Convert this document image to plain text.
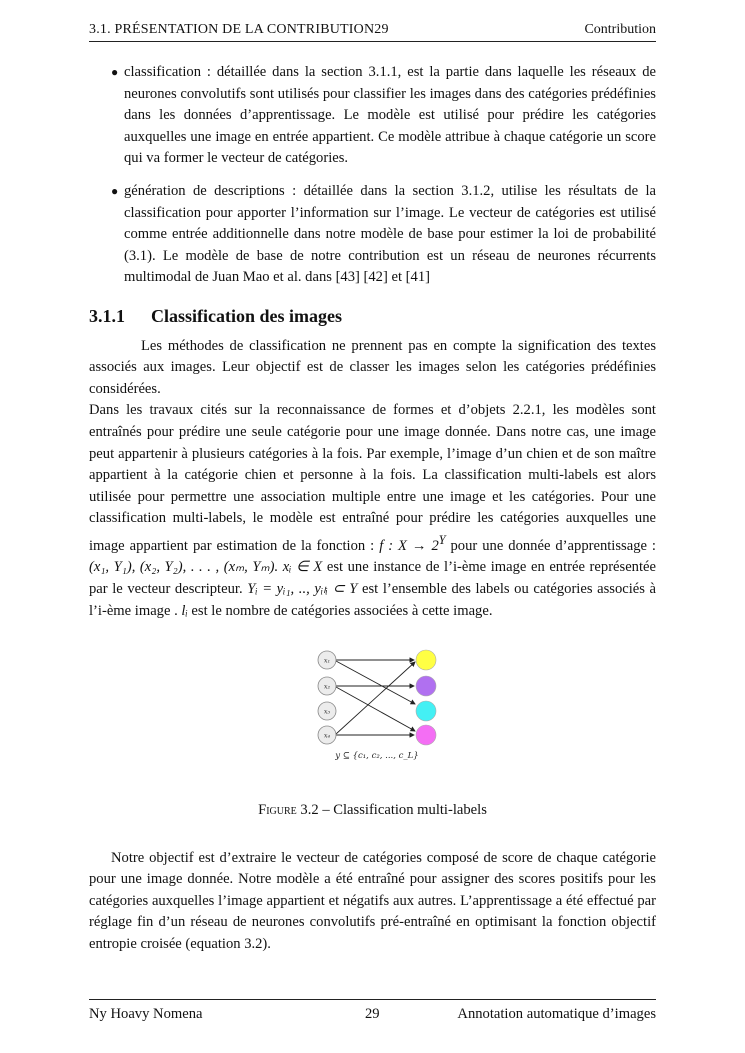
3.1. PRÉSENTATION DE LA CONTRIBUTION29	Contribution
● classification : détaillée dans la section 3.1.1, est la partie dans laquelle les réseaux de neurones convolutifs sont utilisés pour classifier les images dans des catégories prédéfinies dans les données d’apprentissage. Le modèle est utilisé pour prédire les catégories auxquelles une image en entrée appartient. Ce modèle attribue à chaque catégorie un score qui va former le vecteur de catégories.
● génération de descriptions : détaillée dans la section 3.1.2, utilise les résultats de la classification pour apporter l’information sur l’image. Le vecteur de catégories est utilisé comme entrée additionnelle dans notre modèle de base pour estimer la loi de probabilité (3.1). Le modèle de base de notre contribution est un réseau de neurones récurrents multimodal de Juan Mao et al. dans [43] [42] et [41]
3.1.1 Classification des images

Les méthodes de classification ne prennent pas en compte la signification des textes associés aux images. Leur objectif est de classer les images selon les catégories prédéfinies considérées.

Dans les travaux cités sur la reconnaissance de formes et d’objets 2.2.1, les modèles sont entraînés pour prédire une seule catégorie pour une image donnée. Dans notre cas, une image peut appartenir à plusieurs catégories à la fois. Par exemple, l’image d’un chien et de son maître appartient à la catégorie chien et personne à la fois. La classification multi-labels est alors utilisée pour permettre une association multiple entre une image et les catégories. Pour une classification multi-labels, le modèle est entraîné pour prédire les catégories auxquelles une image appartient par estimation de la fonction : f : $X \to 2^Y$ pour une donnée d’apprentissage : (x₁, Y₁), (x₂, Y₂), . . . , (xₘ, Yₘ). xᵢ ∈ X est une instance de l’i-ème image en entrée représentée par le vecteur descripteur. Yᵢ = yᵢ₁, .., yᵢₗᵢ ⊂ Y est l’ensemble des labels ou catégories associés à l’i-ème image . lᵢ est le nombre de catégories associées à cette image.

x₁
x₂
x₃
x₄
y ⊆ {c₁, c₂, ..., c_L}
Figure 3.2 – Classification multi-labels

Notre objectif est d’extraire le vecteur de catégories composé de score de chaque catégorie pour une image donnée. Notre modèle a été entraîné pour assigner des scores positifs pour les catégories auxquelles l’image appartient et négatifs aux autres. L’apprentissage a été effectué par réglage fin d’un réseau de neurones convolutifs pré-entraîné en optimisant la fonction objectif entropie croisée (equation 3.2).

Ny Hoavy Nomena	29	Annotation automatique d’images
